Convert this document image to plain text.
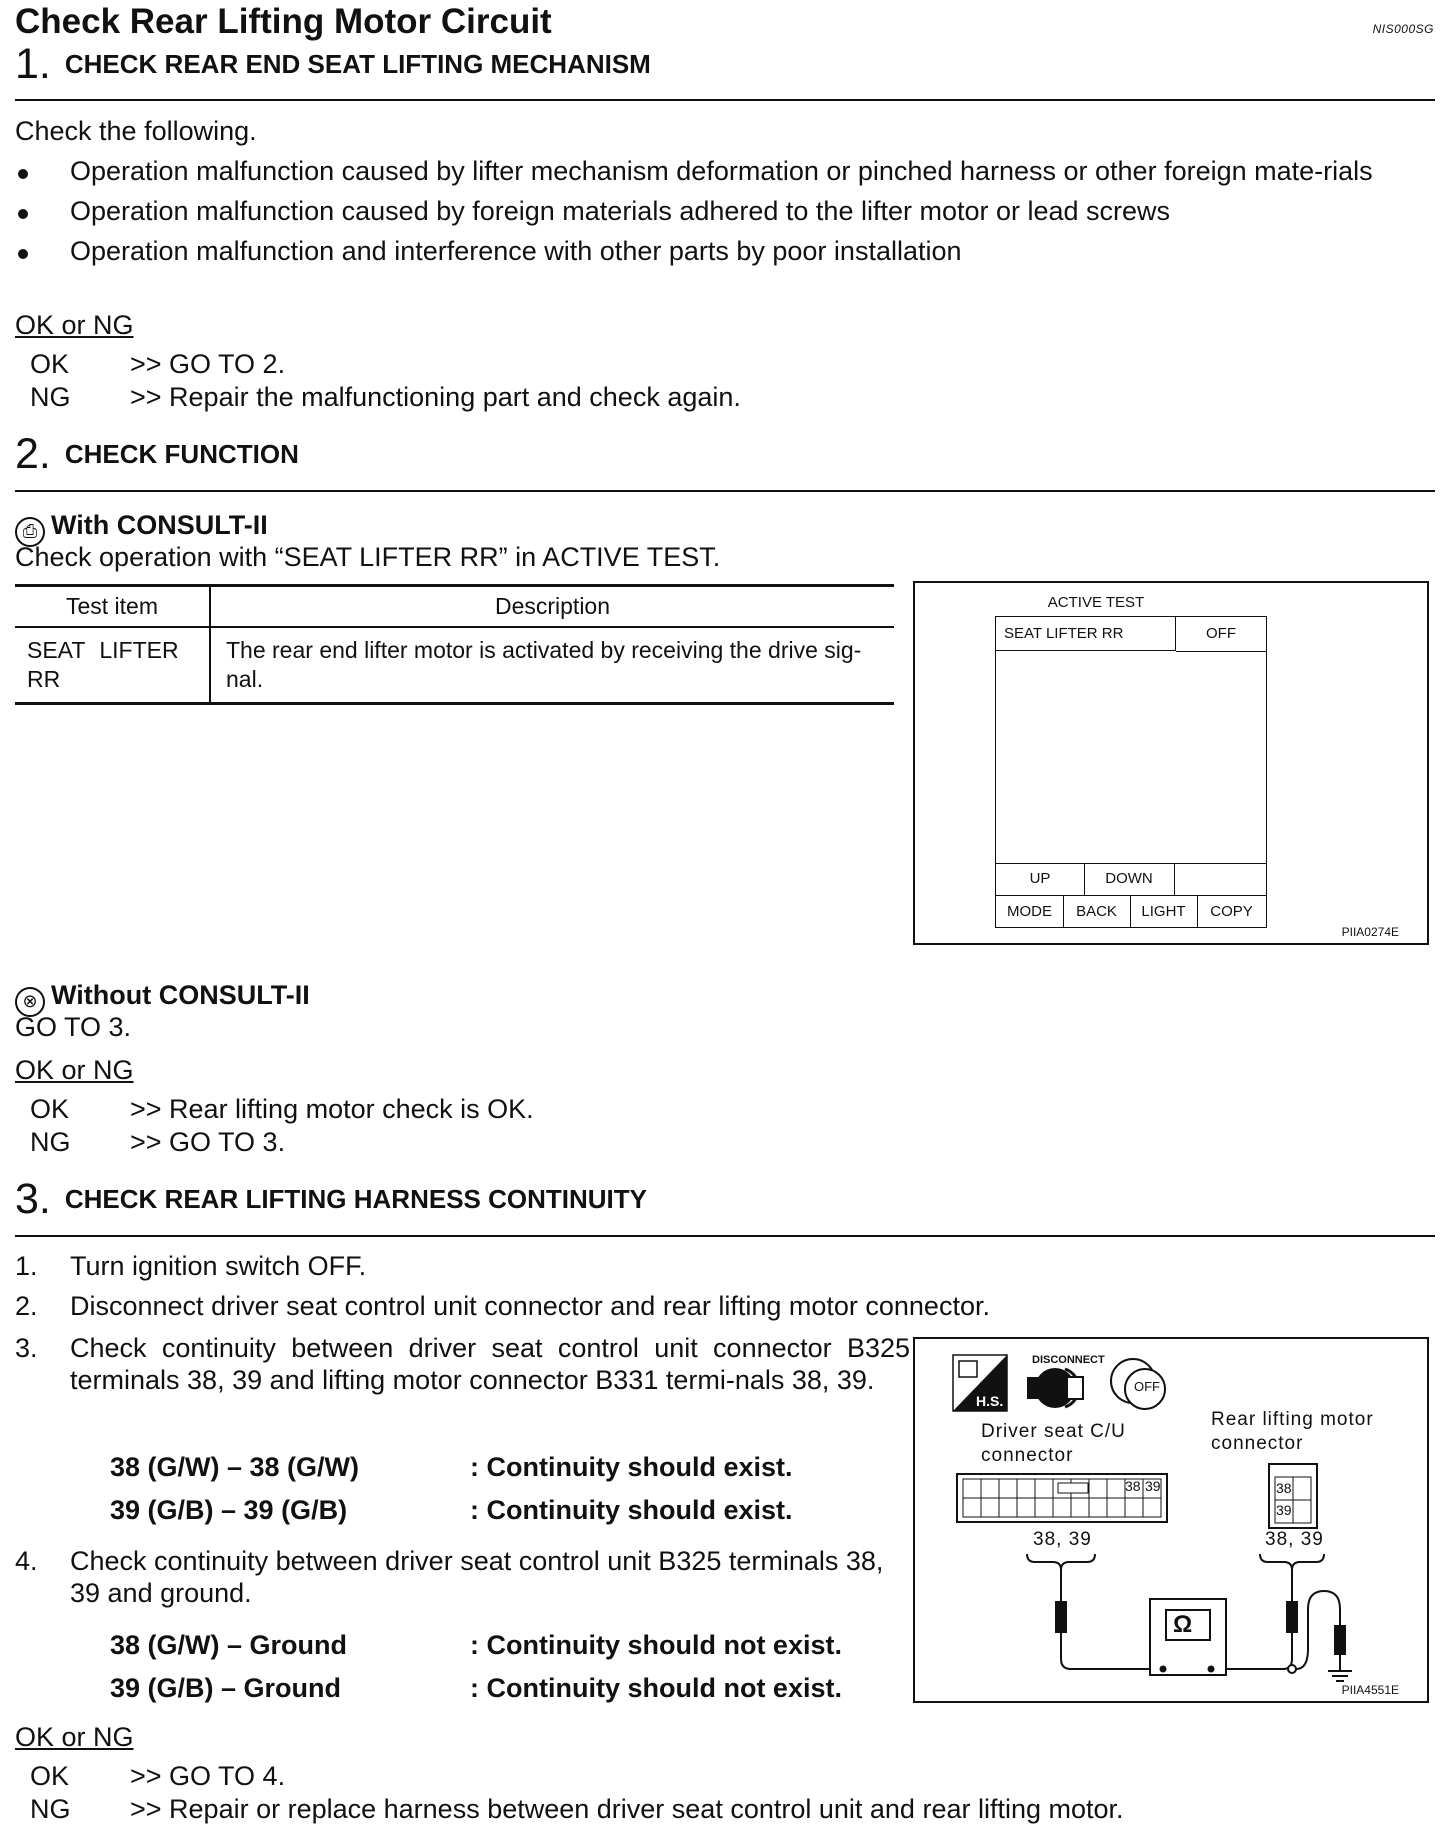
Check Rear Lifting Motor Circuit	NIS000SG
1. CHECK REAR END SEAT LIFTING MECHANISM
Check the following.
Operation malfunction caused by lifter mechanism deformation or pinched harness or other foreign mate-rials
Operation malfunction caused by foreign materials adhered to the lifter motor or lead screws
Operation malfunction and interference with other parts by poor installation
OK or NG
OK >> GO TO 2.
NG >> Repair the malfunctioning part and check again.
2. CHECK FUNCTION
⎙ With CONSULT-II
Check operation with “SEAT LIFTER RR” in ACTIVE TEST.
Test item	Description
SEAT LIFTER RR	The rear end lifter motor is activated by receiving the drive sig-nal.
ACTIVE TEST
SEAT LIFTER RR	OFF
UP	DOWN
MODE	BACK	LIGHT	COPY
PIIA0274E
⊗ Without CONSULT-II
GO TO 3.
OK or NG
OK >> Rear lifting motor check is OK.
NG >> GO TO 3.
3. CHECK REAR LIFTING HARNESS CONTINUITY
1. Turn ignition switch OFF.
2. Disconnect driver seat control unit connector and rear lifting motor connector.
3. Check continuity between driver seat control unit connector B325 terminals 38, 39 and lifting motor connector B331 termi-nals 38, 39.
38 (G/W) – 38 (G/W)	: Continuity should exist.
39 (G/B) – 39 (G/B)	: Continuity should exist.
4. Check continuity between driver seat control unit B325 terminals 38, 39 and ground.
38 (G/W) – Ground	: Continuity should not exist.
39 (G/B) – Ground	: Continuity should not exist.
DISCONNECT
H.S.
OFF
Driver seat C/U
connector
Rear lifting motor
connector
38 39	38
39
38, 39	38, 39
Ω
PIIA4551E
OK or NG
OK >> GO TO 4.
NG >> Repair or replace harness between driver seat control unit and rear lifting motor.
